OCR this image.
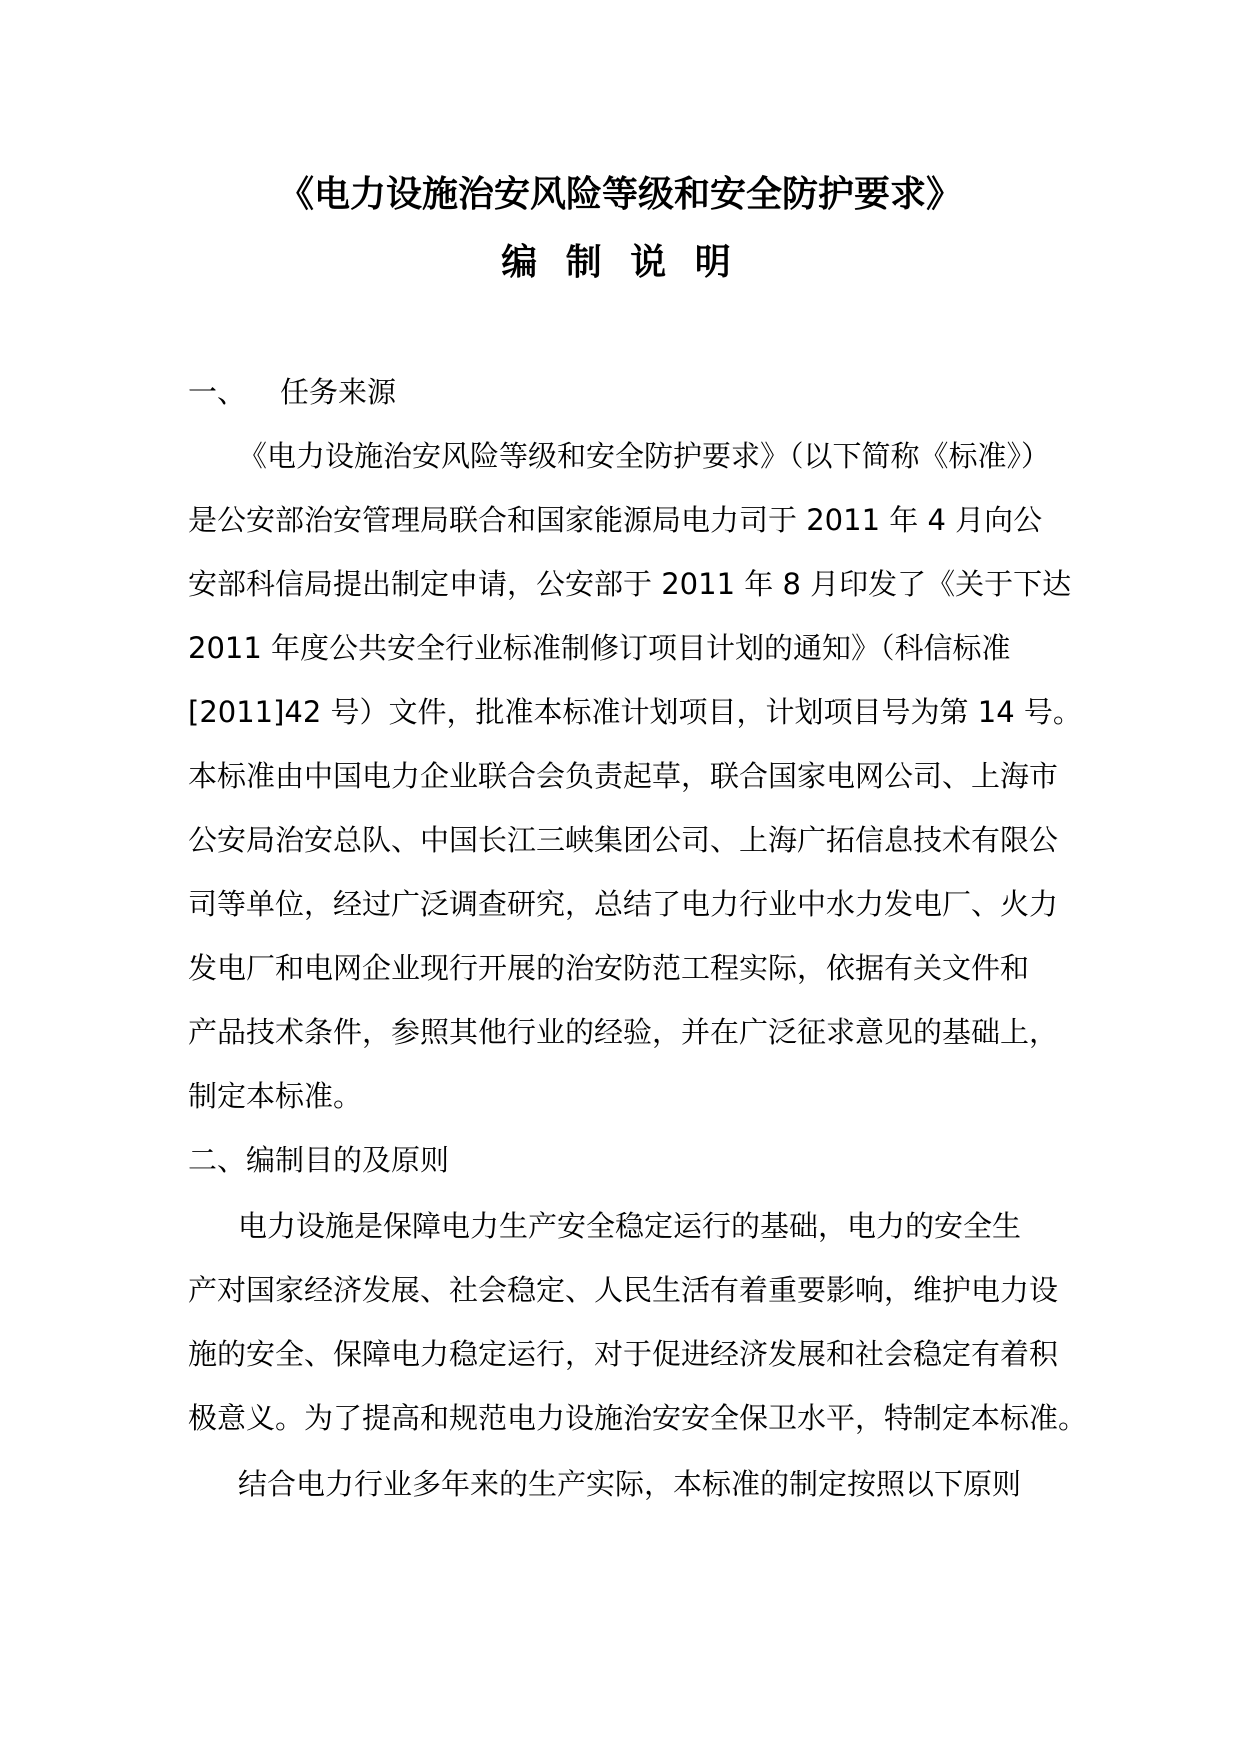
《电力设施治安风险等级和安全防护要求》
编 制 说 明
一、 任务来源
《电力设施治安风险等级和安全防护要求》（以下简称《标准》）
是公安部治安管理局联合和国家能源局电力司于 2011 年 4 月向公
安部科信局提出制定申请，公安部于 2011 年 8 月印发了《关于下达
2011 年度公共安全行业标准制修订项目计划的通知》（科信标准
[2011]42 号）文件，批准本标准计划项目，计划项目号为第 14 号。
本标准由中国电力企业联合会负责起草，联合国家电网公司、上海市
公安局治安总队、中国长江三峡集团公司、上海广拓信息技术有限公
司等单位，经过广泛调查研究，总结了电力行业中水力发电厂、火力
发电厂和电网企业现行开展的治安防范工程实际，依据有关文件和
产品技术条件，参照其他行业的经验，并在广泛征求意见的基础上，
制定本标准。
二、编制目的及原则
电力设施是保障电力生产安全稳定运行的基础，电力的安全生
产对国家经济发展、社会稳定、人民生活有着重要影响，维护电力设
施的安全、保障电力稳定运行，对于促进经济发展和社会稳定有着积
极意义。为了提高和规范电力设施治安安全保卫水平，特制定本标准。
结合电力行业多年来的生产实际，本标准的制定按照以下原则
